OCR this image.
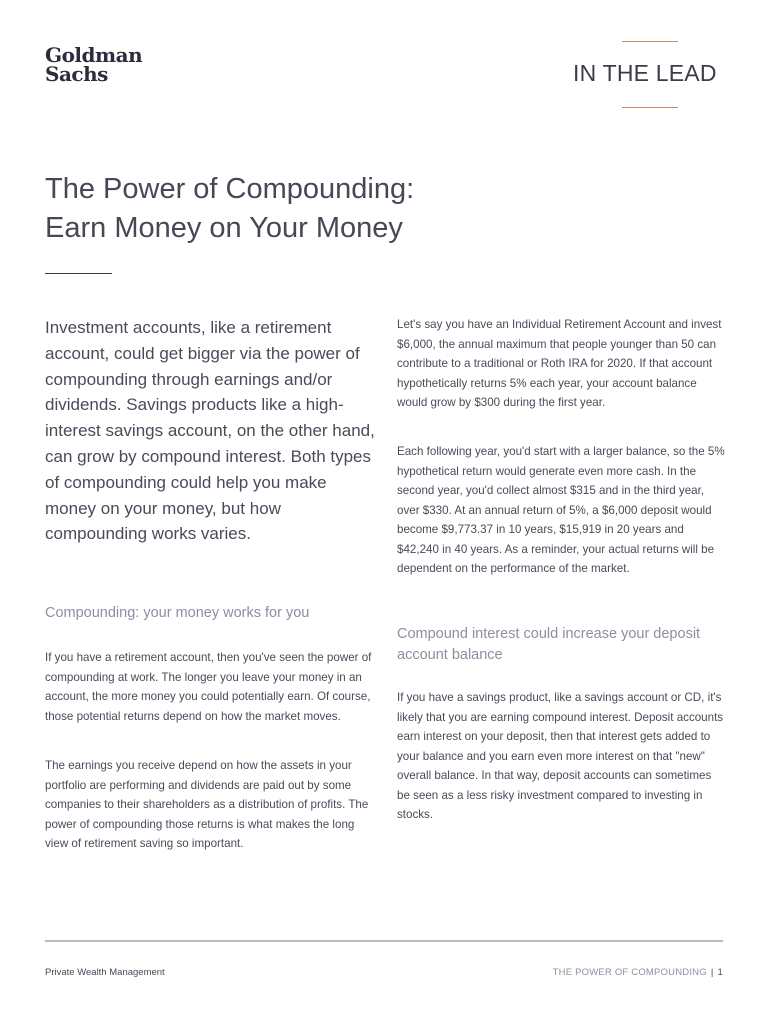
Goldman
Sachs	IN THE LEAD
The Power of Compounding:
Earn Money on Your Money

Investment accounts, like a retirement account, could get bigger via the power of compounding through earnings and/or dividends. Savings products like a high-interest savings account, on the other hand, can grow by compound interest. Both types of compounding could help you make money on your money, but how compounding works varies.

Compounding: your money works for you

If you have a retirement account, then you've seen the power of compounding at work. The longer you leave your money in an account, the more money you could potentially earn. Of course, those potential returns depend on how the market moves.

The earnings you receive depend on how the assets in your portfolio are performing and dividends are paid out by some companies to their shareholders as a distribution of profits. The power of compounding those returns is what makes the long view of retirement saving so important.

Let's say you have an Individual Retirement Account and invest $6,000, the annual maximum that people younger than 50 can contribute to a traditional or Roth IRA for 2020. If that account hypothetically returns 5% each year, your account balance would grow by $300 during the first year.

Each following year, you'd start with a larger balance, so the 5% hypothetical return would generate even more cash. In the second year, you'd collect almost $315 and in the third year, over $330. At an annual return of 5%, a $6,000 deposit would become $9,773.37 in 10 years, $15,919 in 20 years and $42,240 in 40 years. As a reminder, your actual returns will be dependent on the performance of the market.

Compound interest could increase your deposit account balance

If you have a savings product, like a savings account or CD, it's likely that you are earning compound interest. Deposit accounts earn interest on your deposit, then that interest gets added to your balance and you earn even more interest on that "new" overall balance. In that way, deposit accounts can sometimes be seen as a less risky investment compared to investing in stocks.

Private Wealth Management	THE POWER OF COMPOUNDING | 1
